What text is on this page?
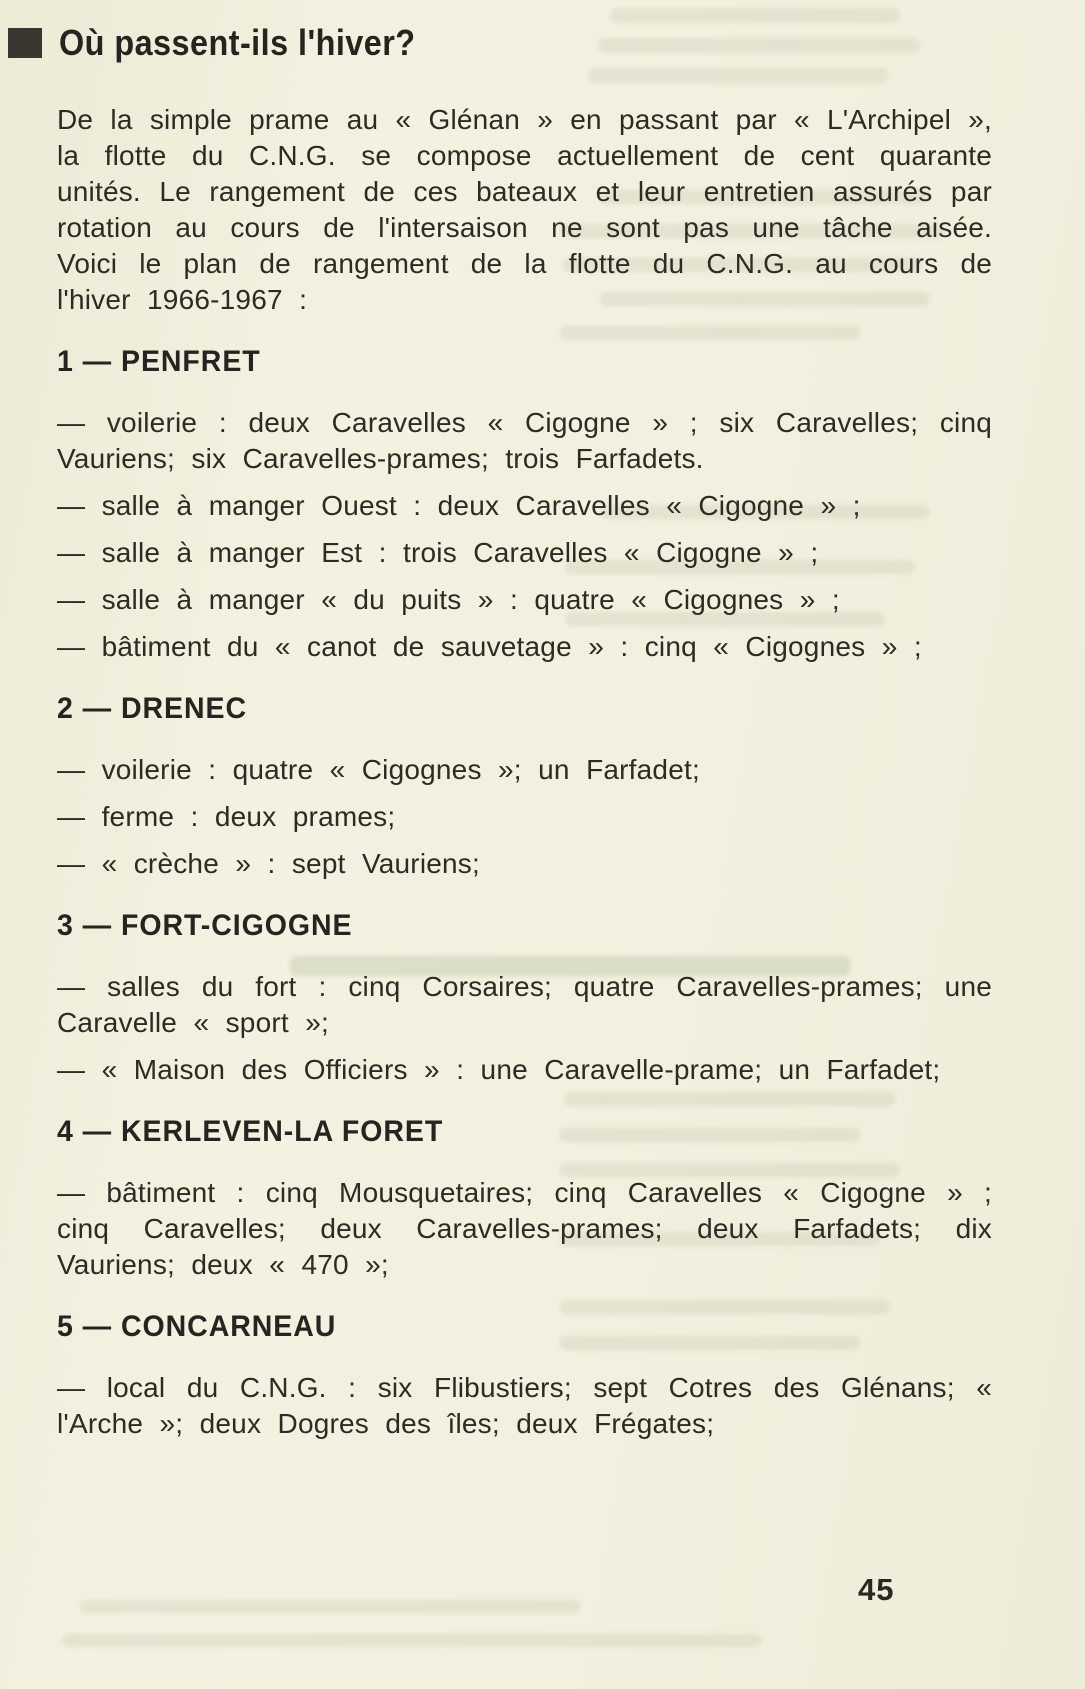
Où passent-ils l'hiver?

De la simple prame au « Glénan » en passant par « L'Archipel », la flotte du C.N.G. se compose actuellement de cent quarante unités. Le rangement de ces bateaux et leur entretien assurés par rotation au cours de l'intersaison ne sont pas une tâche aisée. Voici le plan de rangement de la flotte du C.N.G. au cours de l'hiver 1966-1967 :

1 — PENFRET

— voilerie : deux Caravelles « Cigogne » ; six Caravelles; cinq Vauriens; six Caravelles-prames; trois Farfadets.

— salle à manger Ouest : deux Caravelles « Cigogne » ;

— salle à manger Est : trois Caravelles « Cigogne » ;

— salle à manger « du puits » : quatre « Cigognes » ;

— bâtiment du « canot de sauvetage » : cinq « Cigognes » ;

2 — DRENEC

— voilerie : quatre « Cigognes »; un Farfadet;

— ferme : deux prames;

— « crèche » : sept Vauriens;

3 — FORT-CIGOGNE

— salles du fort : cinq Corsaires; quatre Caravelles-prames; une Caravelle « sport »;

— « Maison des Officiers » : une Caravelle-prame; un Farfadet;

4 — KERLEVEN-LA FORET

— bâtiment : cinq Mousquetaires; cinq Caravelles « Cigogne » ; cinq Caravelles; deux Caravelles-prames; deux Farfadets; dix Vauriens; deux « 470 »;

5 — CONCARNEAU

— local du C.N.G. : six Flibustiers; sept Cotres des Glénans; « l'Arche »; deux Dogres des îles; deux Frégates;

45
